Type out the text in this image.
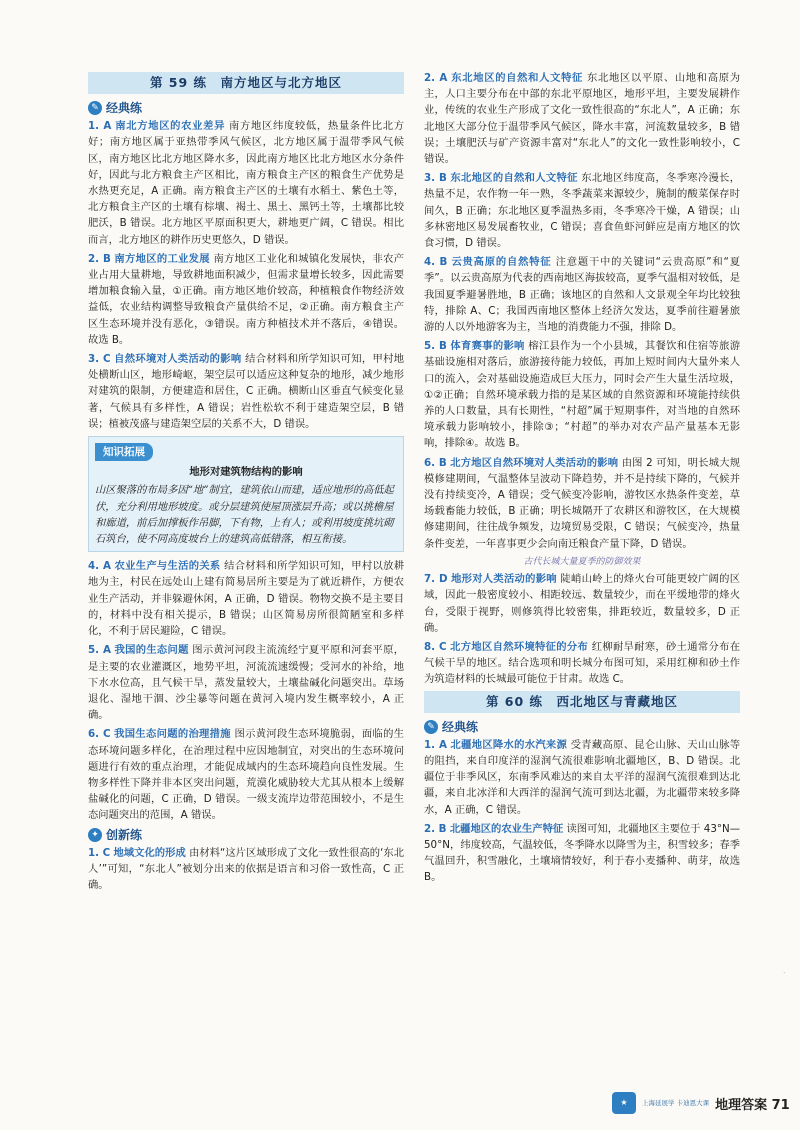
第 59 练　南方地区与北方地区
✎ 经典练
1. A 南北方地区的农业差异 南方地区纬度较低，热量条件比北方好；南方地区属于亚热带季风气候区，北方地区属于温带季风气候区，南方地区比北方地区降水多，因此南方地区比北方地区水分条件好，因此与北方粮食主产区相比，南方粮食主产区的粮食生产优势是水热更充足，A 正确。南方粮食主产区的土壤有水稻土、紫色土等，北方粮食主产区的土壤有棕壤、褐土、黑土、黑钙土等，土壤都比较肥沃，B 错误。北方地区平原面积更大，耕地更广阔，C 错误。相比而言，北方地区的耕作历史更悠久，D 错误。
2. B 南方地区的工业发展 南方地区工业化和城镇化发展快，非农产业占用大量耕地，导致耕地面积减少，但需求量增长较多，因此需要增加粮食输入量，①正确。南方地区地价较高，种植粮食作物经济效益低，农业结构调整导致粮食产量供给不足，②正确。南方粮食主产区生态环境并没有恶化，③错误。南方种植技术并不落后，④错误。故选 B。
3. C 自然环境对人类活动的影响 结合材料和所学知识可知，甲村地处横断山区，地形崎岖，架空层可以适应这种复杂的地形，减少地形对建筑的限制，方便建造和居住，C 正确。横断山区垂直气候变化显著，气候具有多样性，A 错误；岩性松软不利于建造架空层，B 错误；植被茂盛与建造架空层的关系不大，D 错误。
知识拓展
地形对建筑物结构的影响
山区聚落的布局多因“地”制宜，建筑依山而建，适应地形的高低起伏，充分利用地形坡度。或分层建筑使屋顶涨层升高；或以挑檐屋和廊道，前后加撑板作吊脚，下有物，上有人；或利用坡度挑坑砌石筑台，使不同高度坡台上的建筑高低错落，相互衔接。
4. A 农业生产与生活的关系 结合材料和所学知识可知，甲村以放耕地为主，村民在远处山上建有简易居所主要是为了就近耕作，方便农业生产活动，并非躲避休闲，A 正确，D 错误。物物交换不是主要目的，材料中没有相关提示，B 错误；山区简易房所很简陋室和多样化，不利于居民避险，C 错误。
5. A 我国的生态问题 图示黄河河段主流流经宁夏平原和河套平原，是主要的农业灌溉区，地势平坦，河流流速缓慢；受河水的补给，地下水水位高，且气候干旱，蒸发量较大，土壤盐碱化问题突出。草场退化、湿地干涸、沙尘暴等问题在黄河入境内发生概率较小，A 正确。
6. C 我国生态问题的治理措施 图示黄河段生态环境脆弱，面临的生态环境问题多样化，在治理过程中应因地制宜，对突出的生态环境问题进行有效的重点治理，才能促成域内的生态环境趋向良性发展。生物多样性下降并非本区突出问题，荒漠化威胁较大尤其从根本上缓解盐碱化的问题，C 正确，D 错误。一级支流岸边带范围较小，不是生态问题突出的范围，A 错误。
✦ 创新练
1. C 地域文化的形成 由材料“这片区域形成了文化一致性很高的‘东北人’”可知，“东北人”被划分出来的依据是语言和习俗一致性高，C 正确。
2. A 东北地区的自然和人文特征 东北地区以平原、山地和高原为主，人口主要分布在中部的东北平原地区，地形平坦，主要发展耕作业，传统的农业生产形成了文化一致性很高的“东北人”，A 正确；东北地区大部分位于温带季风气候区，降水丰富，河流数量较多，B 错误；土壤肥沃与矿产资源丰富对“东北人”的文化一致性影响较小，C 错误。
3. B 东北地区的自然和人文特征 东北地区纬度高，冬季寒冷漫长，热量不足，农作物一年一熟，冬季蔬菜来源较少，腌制的酸菜保存时间久，B 正确；东北地区夏季温热多雨，冬季寒冷干燥，A 错误；山多林密地区易发展畜牧业，C 错误；喜食鱼虾河鲜应是南方地区的饮食习惯，D 错误。
4. B 云贵高原的自然特征 注意题干中的关键词“云贵高原”和“夏季”。以云贵高原为代表的西南地区海拔较高，夏季气温相对较低，是我国夏季避暑胜地，B 正确；该地区的自然和人文景观全年均比较独特，排除 A、C；我国西南地区整体上经济欠发达，夏季前往避暑旅游的人以外地游客为主，当地的消费能力不强，排除 D。
5. B 体育赛事的影响 榕江县作为一个小县城，其餐饮和住宿等旅游基础设施相对落后，旅游接待能力较低，再加上短时间内大量外来人口的流入，会对基础设施造成巨大压力，同时会产生大量生活垃圾，①②正确；自然环境承载力指的是某区域的自然资源和环境能持续供养的人口数量，具有长期性，“村超”属于短期事件，对当地的自然环境承载力影响较小，排除③；“村超”的举办对农产品产量基本无影响，排除④。故选 B。
6. B 北方地区自然环境对人类活动的影响 由图 2 可知，明长城大规模修建期间，气温整体呈波动下降趋势，并不是持续下降的，气候并没有持续变冷，A 错误；受气候变冷影响，游牧区水热条件变差，草场载畜能力较低，B 正确；明长城隔开了农耕区和游牧区，在大规模修建期间，往往战争频发，边境贸易受限，C 错误；气候变冷，热量条件变差，一年喜事更少会向南迁粮食产量下降，D 错误。
古代长城大量夏季的防御效果
7. D 地形对人类活动的影响 陡峭山岭上的烽火台可能更较广阔的区域，因此一般密度较小、相距较远、数量较少，而在平缓地带的烽火台，受限于视野，则修筑得比较密集，排距较近，数量较多，D 正确。
8. C 北方地区自然环境特征的分布 红柳耐旱耐寒，砂土通常分布在气候干旱的地区。结合选项和明长城分布图可知，采用红柳和砂土作为筑造材料的长城最可能位于甘肃。故选 C。
第 60 练　西北地区与青藏地区
✎ 经典练
1. A 北疆地区降水的水汽来源 受青藏高原、昆仑山脉、天山山脉等的阻挡，来自印度洋的湿润气流很难影响北疆地区，B、D 错误。北疆位于非季风区，东南季风难达的来自太平洋的湿润气流很难到达北疆，来自北冰洋和大西洋的湿润气流可到达北疆，为北疆带来较多降水，A 正确，C 错误。
2. B 北疆地区的农业生产特征 读图可知，北疆地区主要位于 43°N—50°N，纬度较高，气温较低，冬季降水以降雪为主，积雪较多；春季气温回升，积雪融化，土壤墒情较好，利于春小麦播种、萌芽，故选 B。
★	上海延展学 卡迪恩大课 地理答案 71
·
